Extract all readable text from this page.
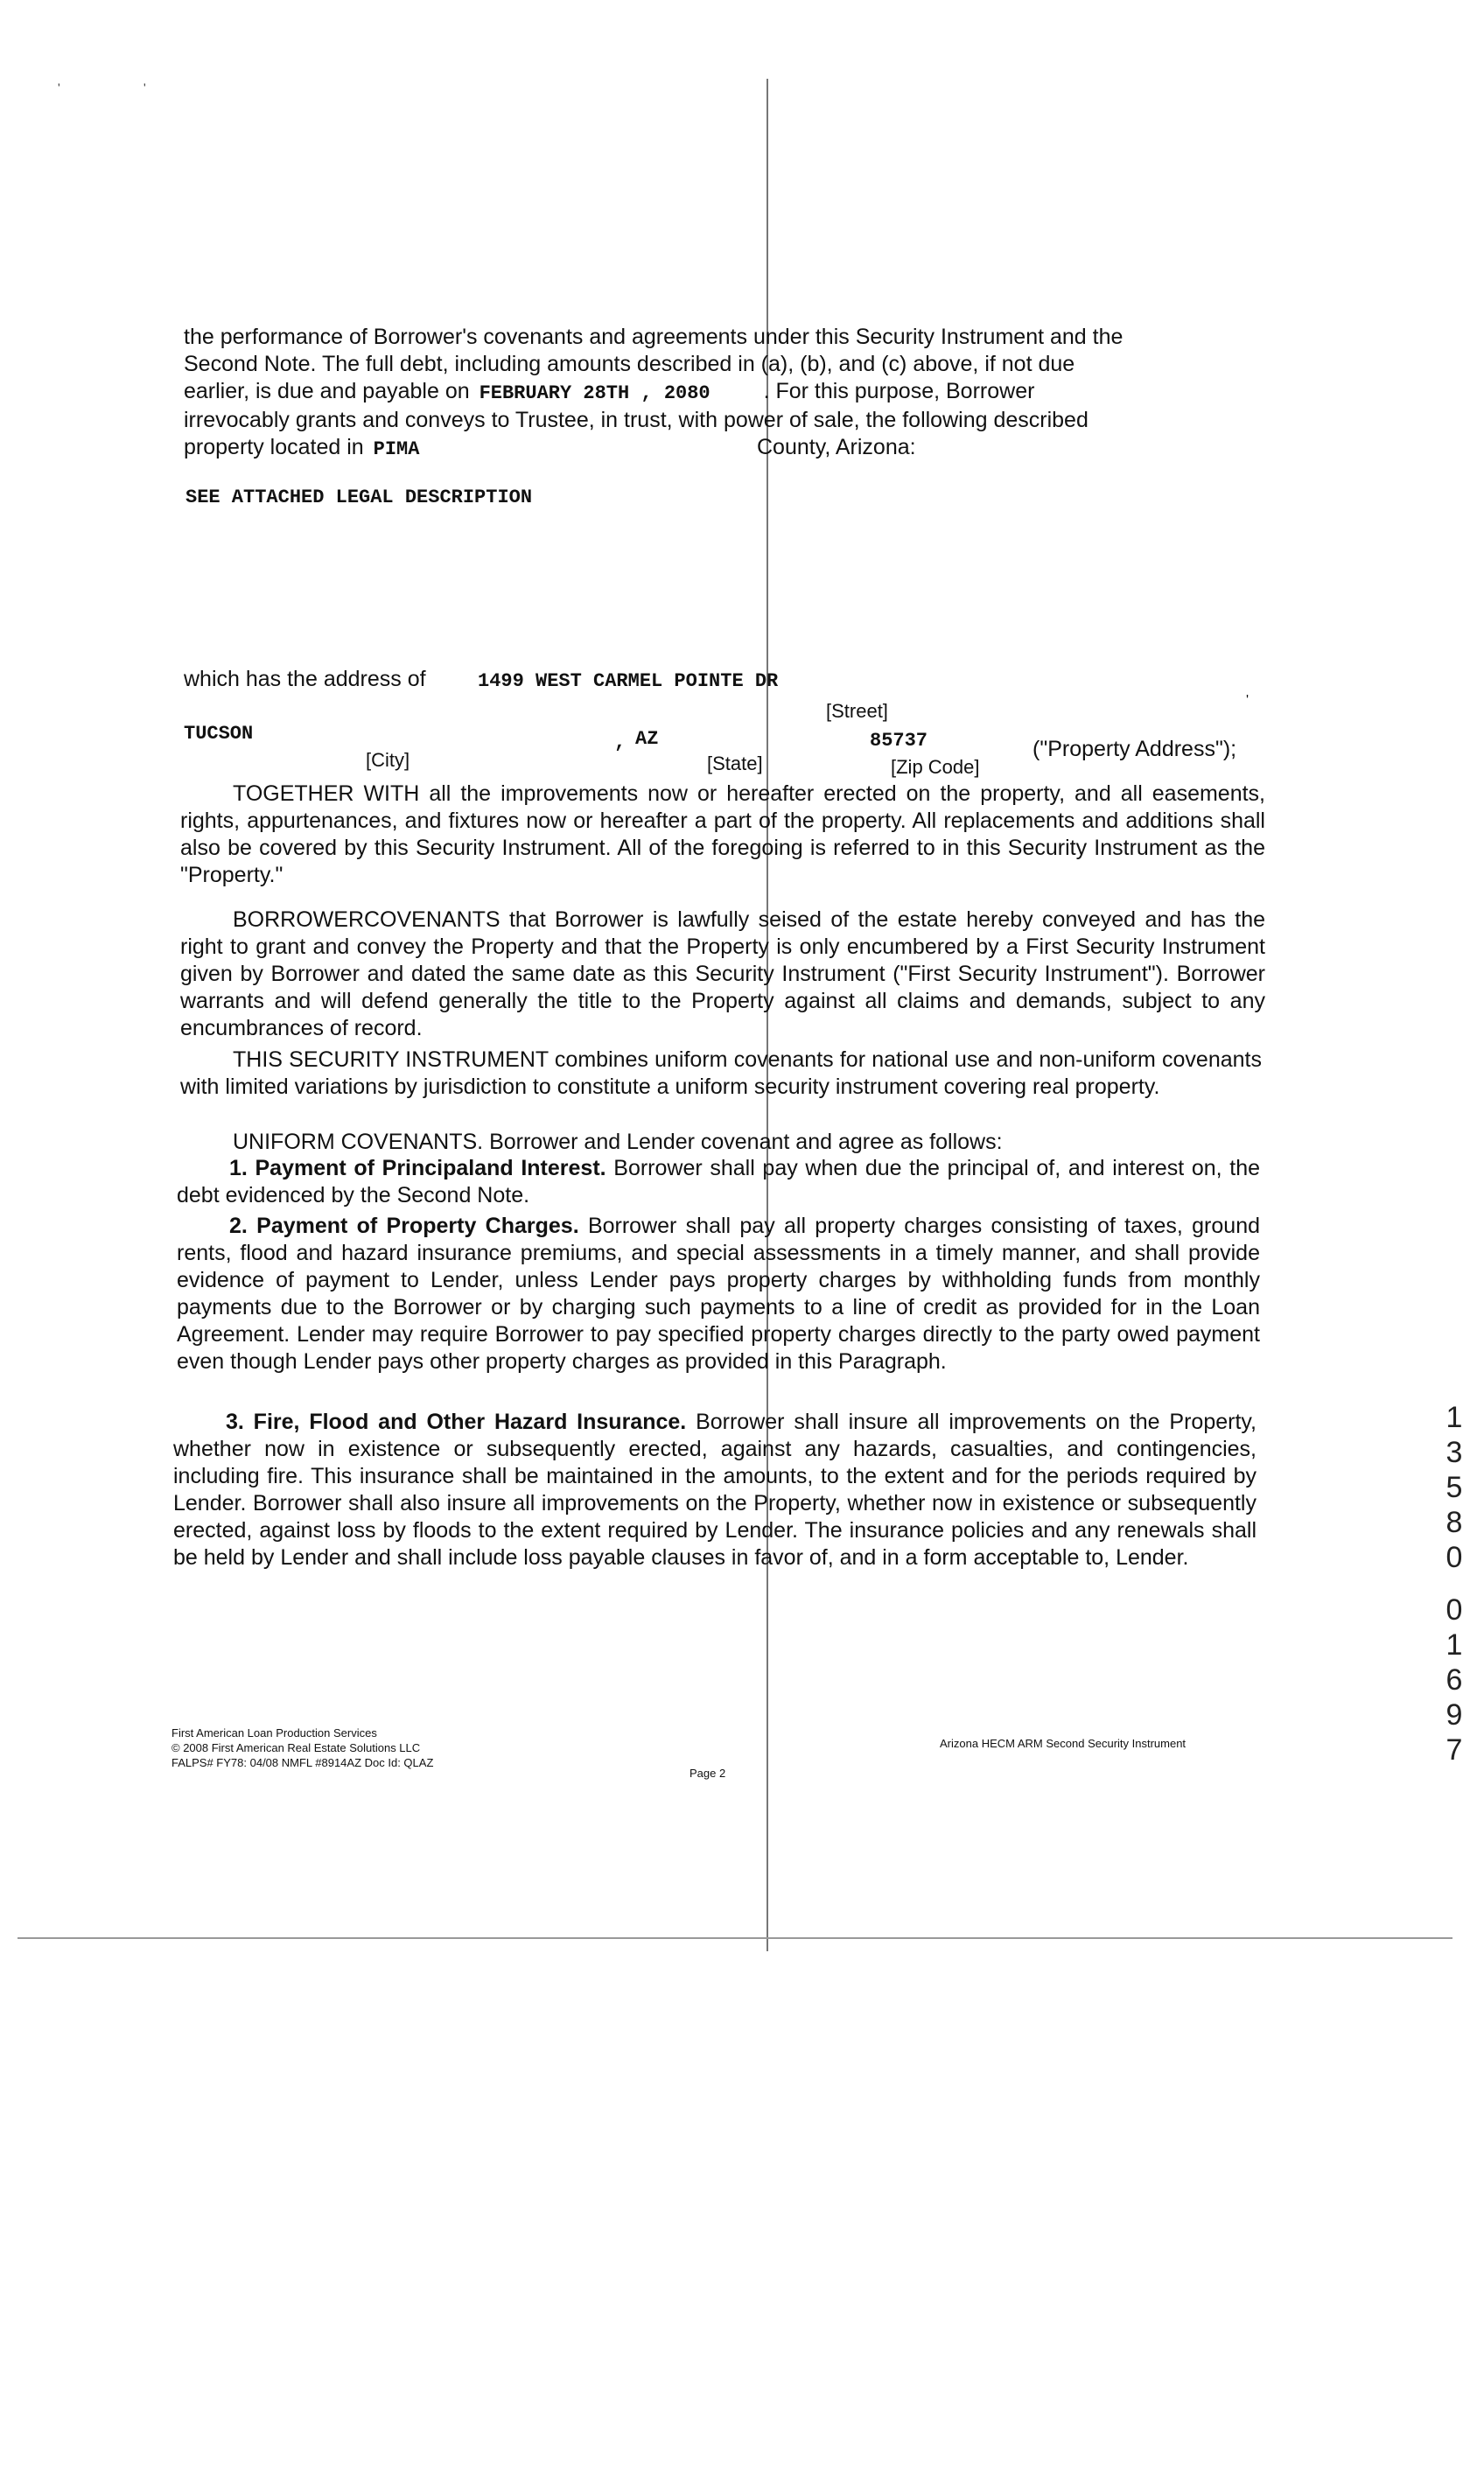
'	'
the performance of Borrower's covenants and agreements under this Security Instrument and the
Second Note. The full debt, including amounts described in (a), (b), and (c) above, if not due
earlier, is due and payable on FEBRUARY 28TH , 2080 . For this purpose, Borrower
irrevocably grants and conveys to Trustee, in trust, with power of sale, the following described
property located in PIMA	County, Arizona:
SEE ATTACHED LEGAL DESCRIPTION
which has the address of	1499 WEST CARMEL POINTE DR
[Street]	'
TUCSON	, AZ	85737	("Property Address");
[City]	[State]	[Zip Code]
TOGETHER WITH all the improvements now or hereafter erected on the property, and all easements, rights, appurtenances, and fixtures now or hereafter a part of the property. All replacements and additions shall also be covered by this Security Instrument. All of the foregoing is referred to in this Security Instrument as the "Property."
BORROWERCOVENANTS that Borrower is lawfully seised of the estate hereby conveyed and has the right to grant and convey the Property and that the Property is only encumbered by a First Security Instrument given by Borrower and dated the same date as this Security Instrument ("First Security Instrument"). Borrower warrants and will defend generally the title to the Property against all claims and demands, subject to any encumbrances of record.
THIS SECURITY INSTRUMENT combines uniform covenants for national use and non-uniform covenants with limited variations by jurisdiction to constitute a uniform security instrument covering real property.
UNIFORM COVENANTS. Borrower and Lender covenant and agree as follows:
1. Payment of Principaland Interest. Borrower shall pay when due the principal of, and interest on, the debt evidenced by the Second Note.
2. Payment of Property Charges. Borrower shall pay all property charges consisting of taxes, ground rents, flood and hazard insurance premiums, and special assessments in a timely manner, and shall provide evidence of payment to Lender, unless Lender pays property charges by withholding funds from monthly payments due to the Borrower or by charging such payments to a line of credit as provided for in the Loan Agreement. Lender may require Borrower to pay specified property charges directly to the party owed payment even though Lender pays other property charges as provided in this Paragraph.
3. Fire, Flood and Other Hazard Insurance. Borrower shall insure all improvements on the Property, whether now in existence or subsequently erected, against any hazards, casualties, and contingencies, including fire. This insurance shall be maintained in the amounts, to the extent and for the periods required by Lender. Borrower shall also insure all improvements on the Property, whether now in existence or subsequently erected, against loss by floods to the extent required by Lender. The insurance policies and any renewals shall be held by Lender and shall include loss payable clauses in favor of, and in a form acceptable to, Lender.
First American Loan Production Services
© 2008 First American Real Estate Solutions LLC
FALPS# FY78: 04/08 NMFL #8914AZ Doc Id: QLAZ
Page 2
Arizona HECM ARM Second Security Instrument
1
3
5
8
0
0
1
6
9
7
